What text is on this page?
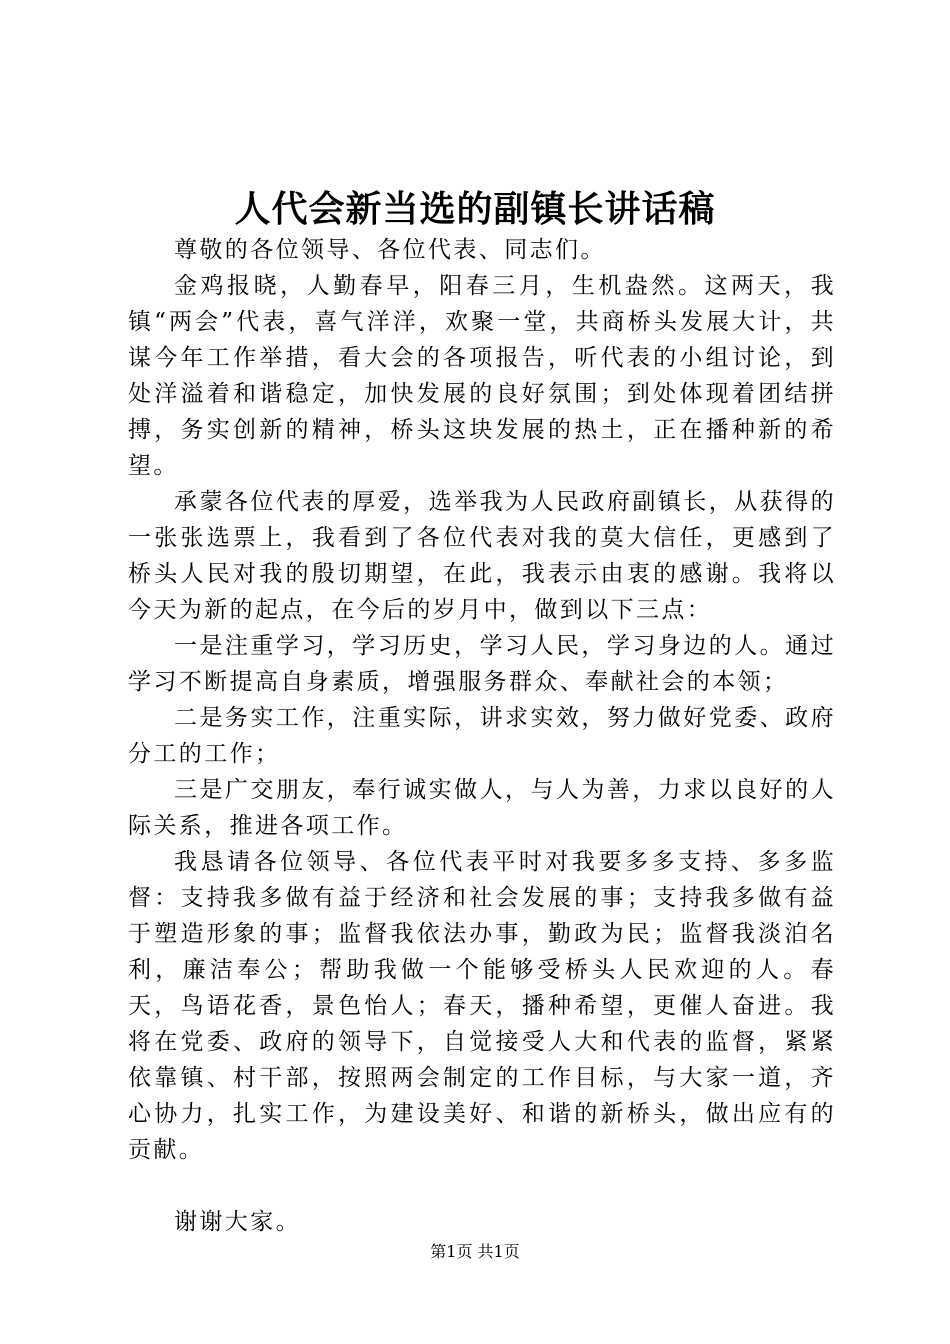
人代会新当选的副镇长讲话稿

尊敬的各位领导、各位代表、同志们。

金鸡报晓，人勤春早，阳春三月，生机盎然。这两天，我镇“两会”代表，喜气洋洋，欢聚一堂，共商桥头发展大计，共谋今年工作举措，看大会的各项报告，听代表的小组讨论，到处洋溢着和谐稳定，加快发展的良好氛围；到处体现着团结拼搏，务实创新的精神，桥头这块发展的热土，正在播种新的希望。

承蒙各位代表的厚爱，选举我为人民政府副镇长，从获得的一张张选票上，我看到了各位代表对我的莫大信任，更感到了桥头人民对我的殷切期望，在此，我表示由衷的感谢。我将以今天为新的起点，在今后的岁月中，做到以下三点：

一是注重学习，学习历史，学习人民，学习身边的人。通过学习不断提高自身素质，增强服务群众、奉献社会的本领；

二是务实工作，注重实际，讲求实效，努力做好党委、政府分工的工作；

三是广交朋友，奉行诚实做人，与人为善，力求以良好的人际关系，推进各项工作。

我恳请各位领导、各位代表平时对我要多多支持、多多监督：支持我多做有益于经济和社会发展的事；支持我多做有益于塑造形象的事；监督我依法办事，勤政为民；监督我淡泊名利，廉洁奉公；帮助我做一个能够受桥头人民欢迎的人。春天，鸟语花香，景色怡人；春天，播种希望，更催人奋进。我将在党委、政府的领导下，自觉接受人大和代表的监督，紧紧依靠镇、村干部，按照两会制定的工作目标，与大家一道，齐心协力，扎实工作，为建设美好、和谐的新桥头，做出应有的贡献。

谢谢大家。

第1页 共1页
